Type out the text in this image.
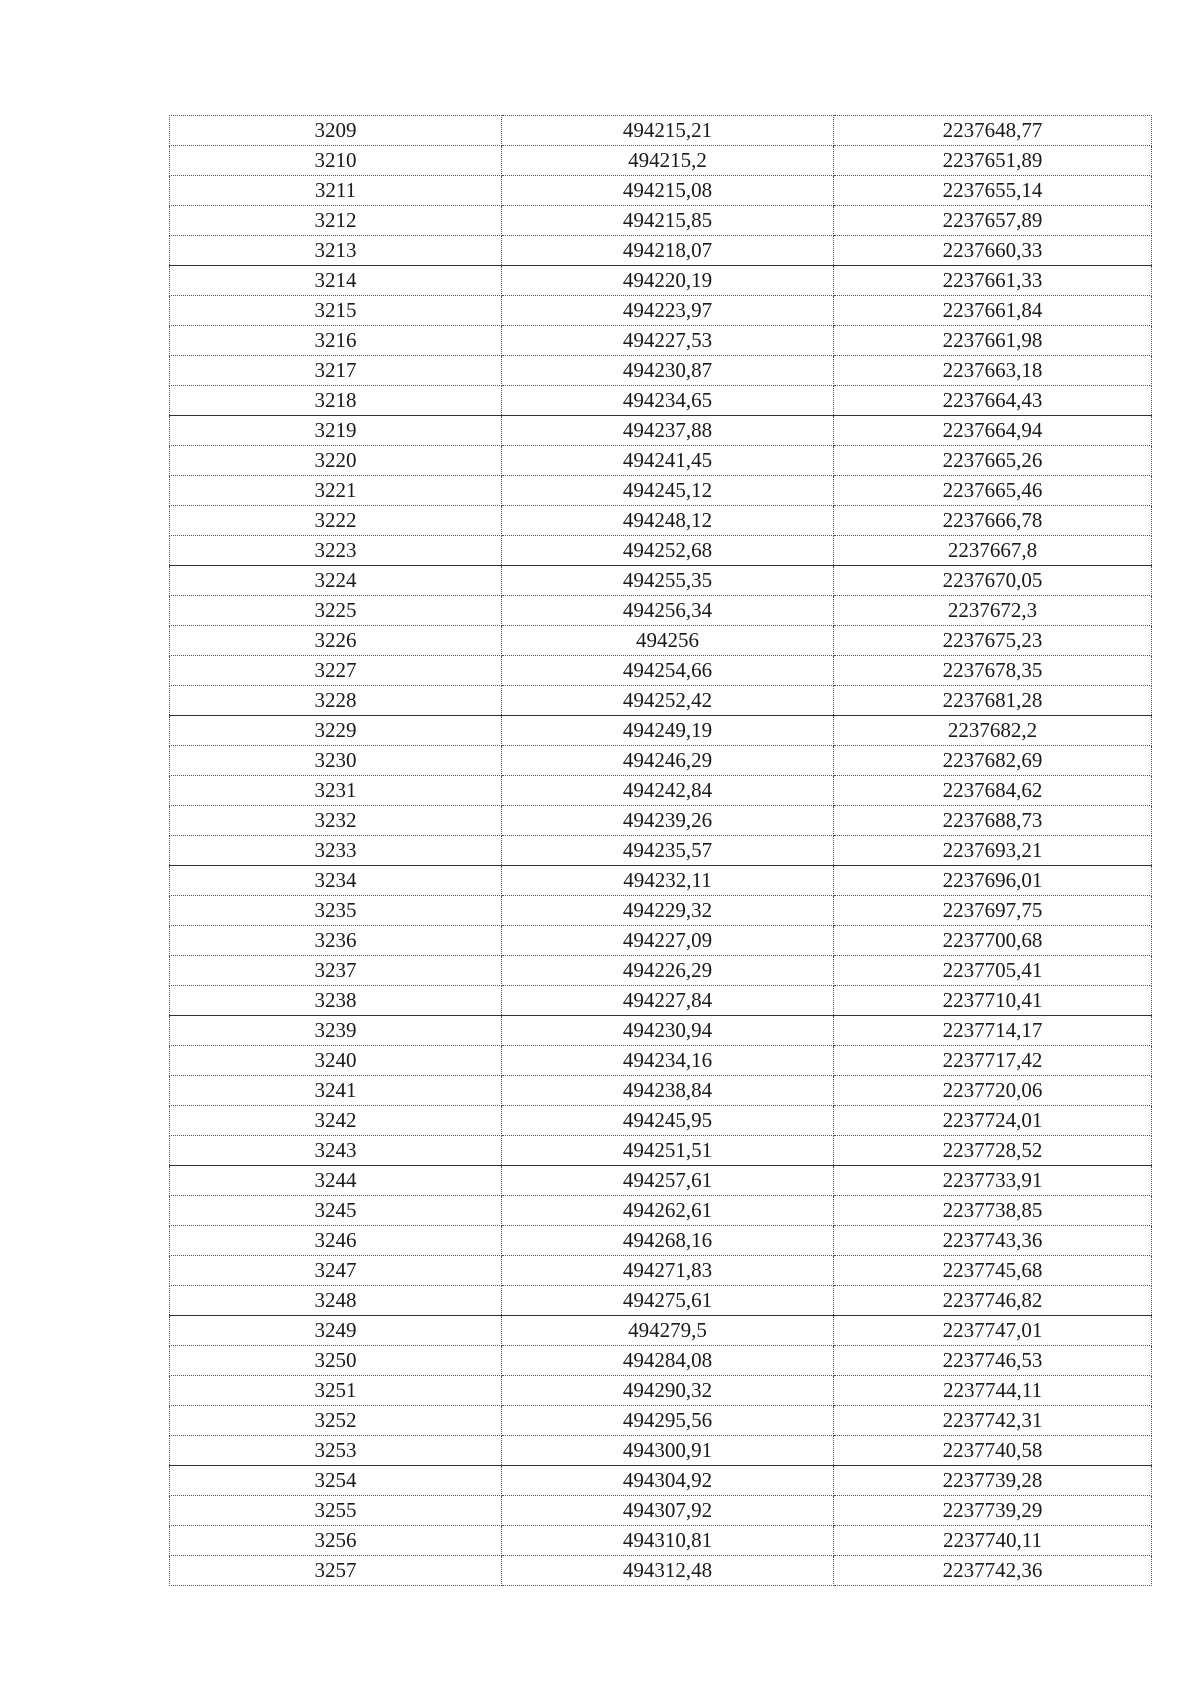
3209	494215,21	2237648,77
3210	494215,2	2237651,89
3211	494215,08	2237655,14
3212	494215,85	2237657,89
3213	494218,07	2237660,33
3214	494220,19	2237661,33
3215	494223,97	2237661,84
3216	494227,53	2237661,98
3217	494230,87	2237663,18
3218	494234,65	2237664,43
3219	494237,88	2237664,94
3220	494241,45	2237665,26
3221	494245,12	2237665,46
3222	494248,12	2237666,78
3223	494252,68	2237667,8
3224	494255,35	2237670,05
3225	494256,34	2237672,3
3226	494256	2237675,23
3227	494254,66	2237678,35
3228	494252,42	2237681,28
3229	494249,19	2237682,2
3230	494246,29	2237682,69
3231	494242,84	2237684,62
3232	494239,26	2237688,73
3233	494235,57	2237693,21
3234	494232,11	2237696,01
3235	494229,32	2237697,75
3236	494227,09	2237700,68
3237	494226,29	2237705,41
3238	494227,84	2237710,41
3239	494230,94	2237714,17
3240	494234,16	2237717,42
3241	494238,84	2237720,06
3242	494245,95	2237724,01
3243	494251,51	2237728,52
3244	494257,61	2237733,91
3245	494262,61	2237738,85
3246	494268,16	2237743,36
3247	494271,83	2237745,68
3248	494275,61	2237746,82
3249	494279,5	2237747,01
3250	494284,08	2237746,53
3251	494290,32	2237744,11
3252	494295,56	2237742,31
3253	494300,91	2237740,58
3254	494304,92	2237739,28
3255	494307,92	2237739,29
3256	494310,81	2237740,11
3257	494312,48	2237742,36
